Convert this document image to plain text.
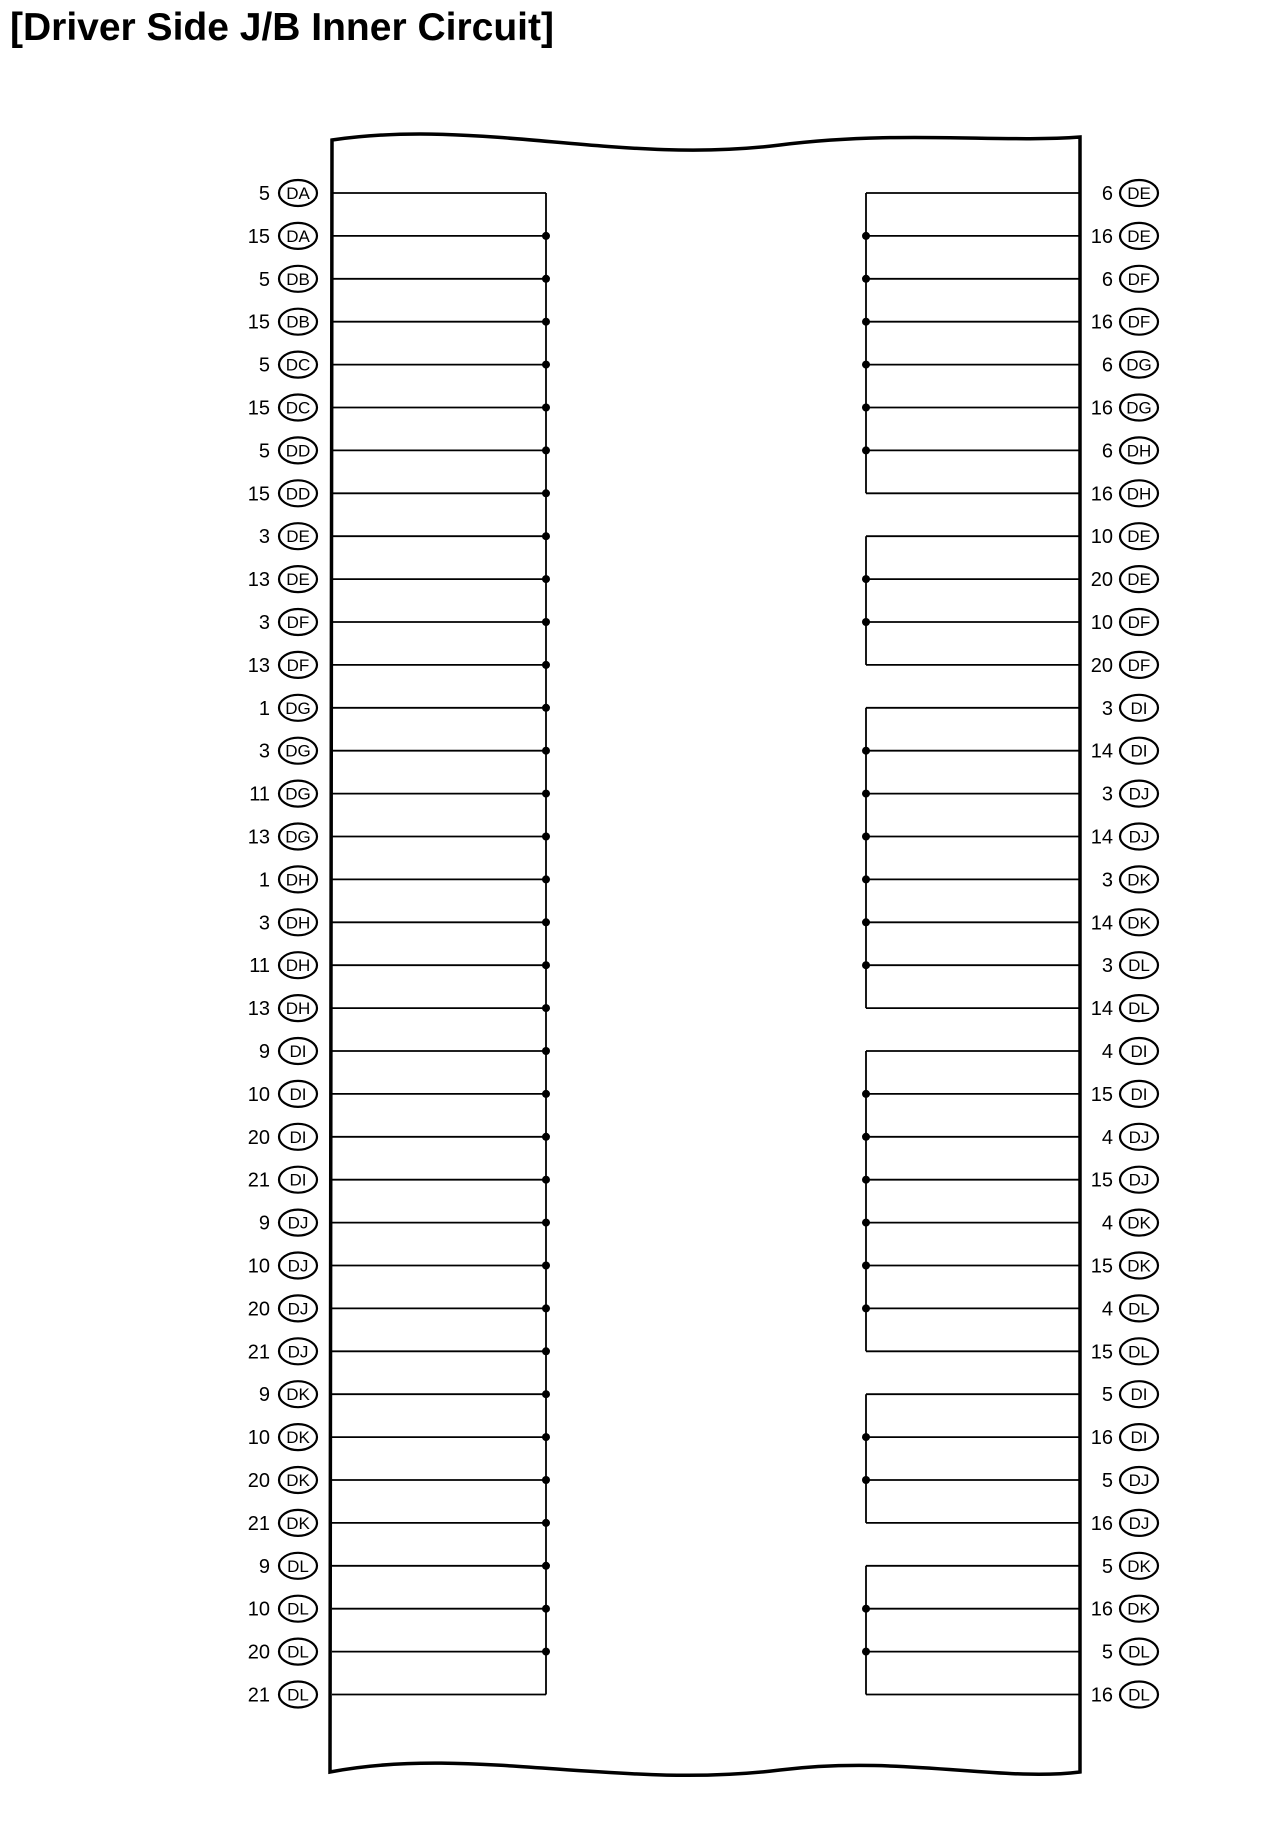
[Driver Side J/B Inner Circuit]
5 DA
15 DA
5 DB
15 DB
5 DC
15 DC
5 DD
15 DD
3 DE
13 DE
3 DF
13 DF
1 DG
3 DG
11 DG
13 DG
1 DH
3 DH
11 DH
13 DH
9 DI
10 DI
20 DI
21 DI
9 DJ
10 DJ
20 DJ
21 DJ
9 DK
10 DK
20 DK
21 DK
9 DL
10 DL
20 DL
21 DL
6 DE
16 DE
6 DF
16 DF
6 DG
16 DG
6 DH
16 DH
10 DE
20 DE
10 DF
20 DF
3 DI
14 DI
3 DJ
14 DJ
3 DK
14 DK
3 DL
14 DL
4 DI
15 DI
4 DJ
15 DJ
4 DK
15 DK
4 DL
15 DL
5 DI
16 DI
5 DJ
16 DJ
5 DK
16 DK
5 DL
16 DL
